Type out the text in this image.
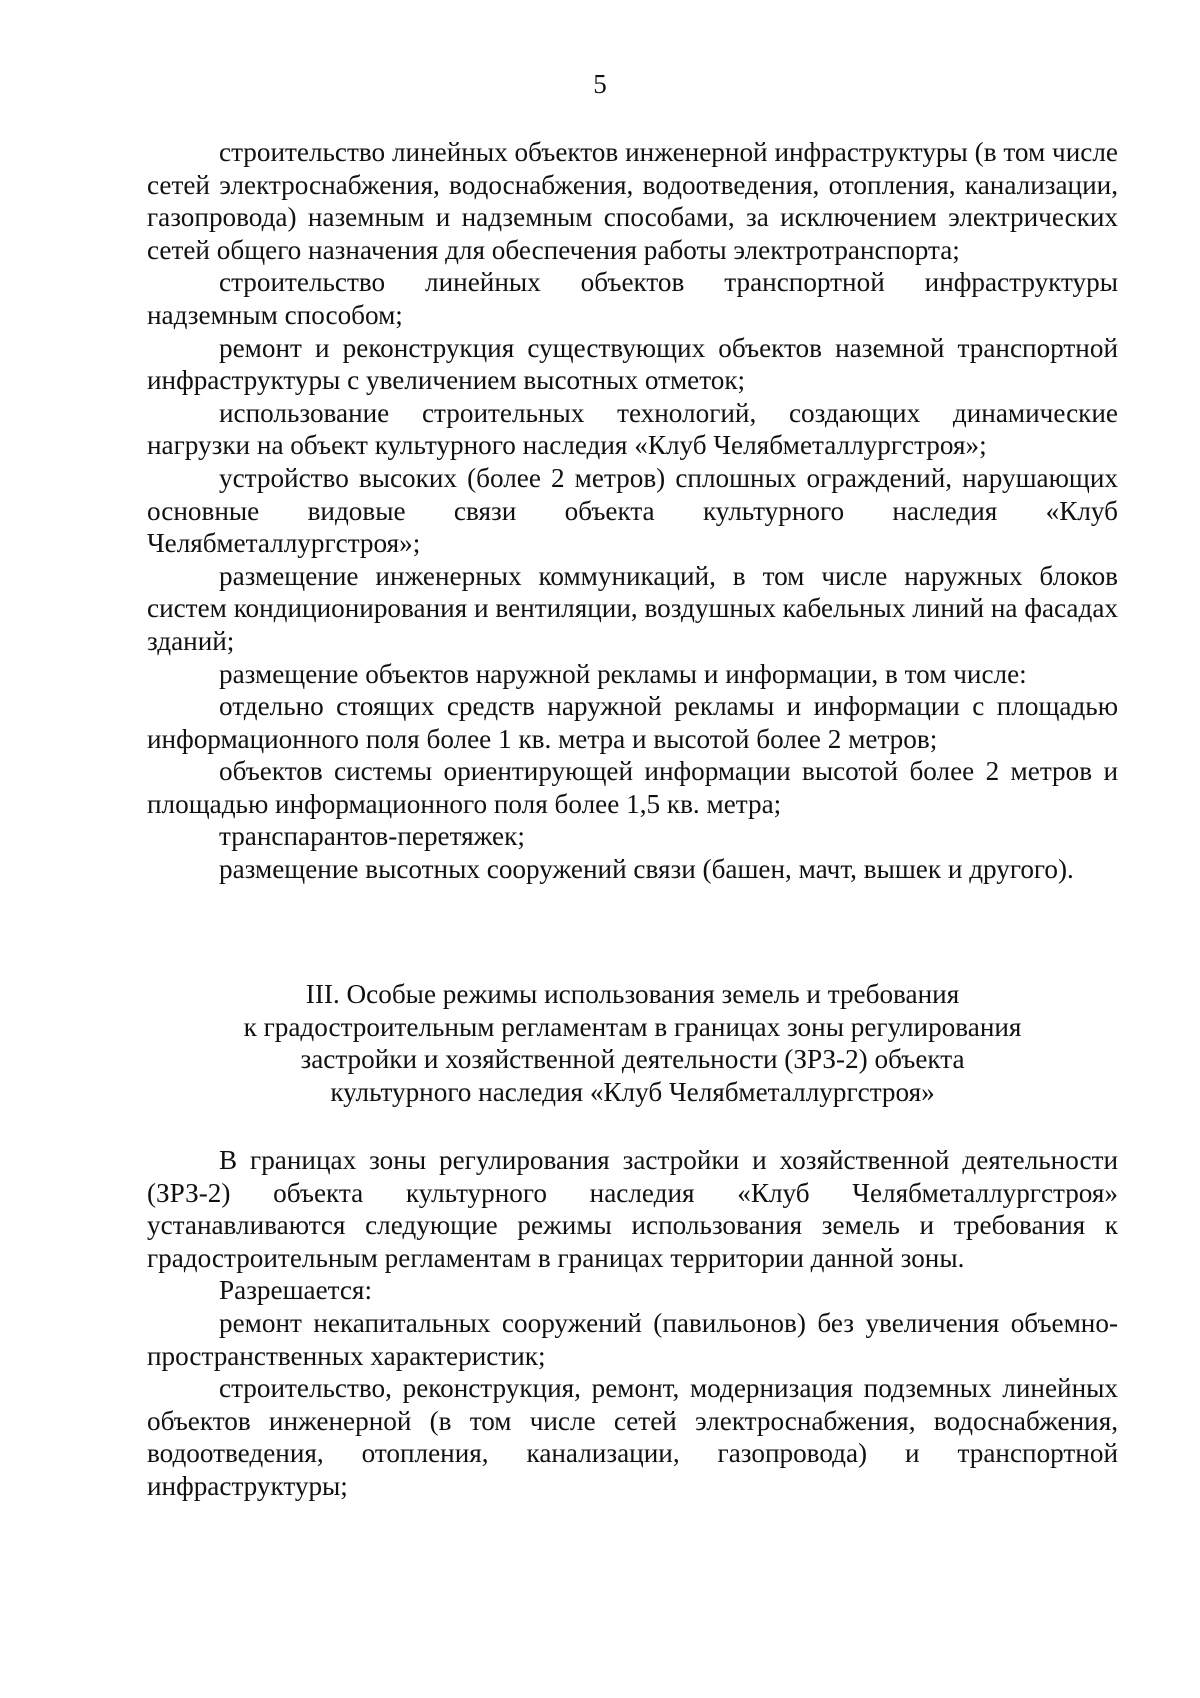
5

строительство линейных объектов инженерной инфраструктуры (в том числе сетей электроснабжения, водоснабжения, водоотведения, отопления, канализации, газопровода) наземным и надземным способами, за исключением электрических сетей общего назначения для обеспечения работы электротранспорта;

строительство линейных объектов транспортной инфраструктуры надземным способом;

ремонт и реконструкция существующих объектов наземной транспортной инфраструктуры с увеличением высотных отметок;

использование строительных технологий, создающих динамические нагрузки на объект культурного наследия «Клуб Челябметаллургстроя»;

устройство высоких (более 2 метров) сплошных ограждений, нарушающих основные видовые связи объекта культурного наследия «Клуб Челябметаллургстроя»;

размещение инженерных коммуникаций, в том числе наружных блоков систем кондиционирования и вентиляции, воздушных кабельных линий на фасадах зданий;

размещение объектов наружной рекламы и информации, в том числе:

отдельно стоящих средств наружной рекламы и информации с площадью информационного поля более 1 кв. метра и высотой более 2 метров;

объектов системы ориентирующей информации высотой более 2 метров и площадью информационного поля более 1,5 кв. метра;

транспарантов-перетяжек;

размещение высотных сооружений связи (башен, мачт, вышек и другого).

III. Особые режимы использования земель и требования
к градостроительным регламентам в границах зоны регулирования
застройки и хозяйственной деятельности (ЗРЗ-2) объекта
культурного наследия «Клуб Челябметаллургстроя»

В границах зоны регулирования застройки и хозяйственной деятельности (ЗРЗ-2) объекта культурного наследия «Клуб Челябметаллургстроя» устанавливаются следующие режимы использования земель и требования к градостроительным регламентам в границах территории данной зоны.

Разрешается:

ремонт некапитальных сооружений (павильонов) без увеличения объемно-пространственных характеристик;

строительство, реконструкция, ремонт, модернизация подземных линейных объектов инженерной (в том числе сетей электроснабжения, водоснабжения, водоотведения, отопления, канализации, газопровода) и транспортной инфраструктуры;
